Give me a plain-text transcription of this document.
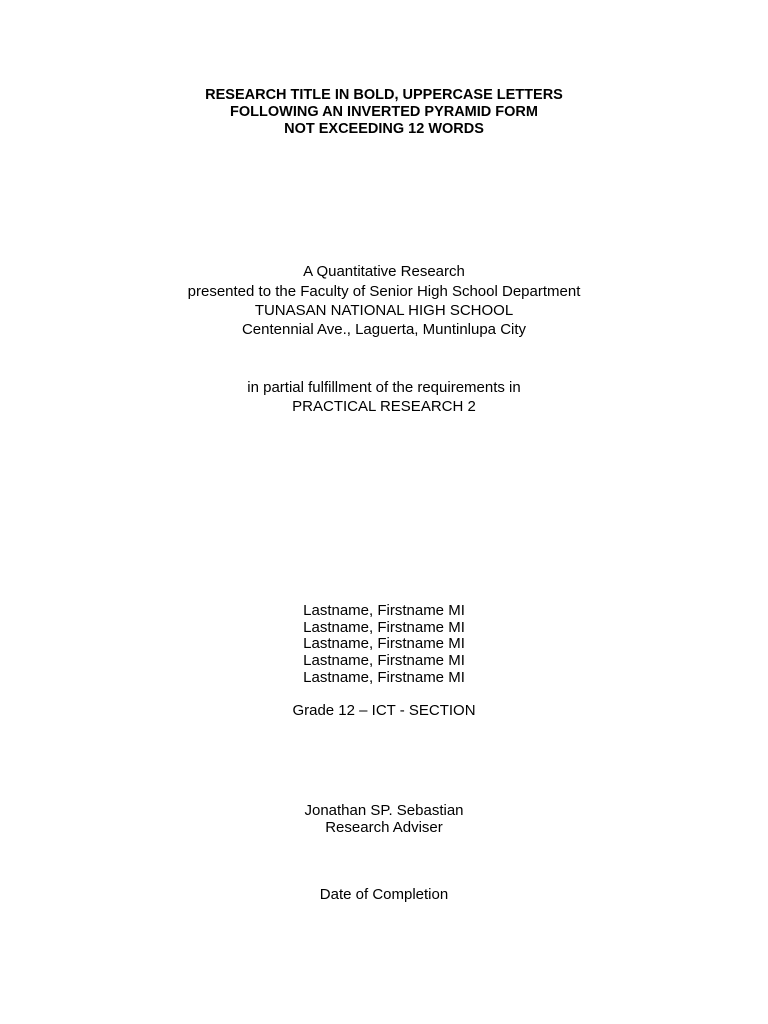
RESEARCH TITLE IN BOLD, UPPERCASE LETTERS
FOLLOWING AN INVERTED PYRAMID FORM
NOT EXCEEDING 12 WORDS
A Quantitative Research
presented to the Faculty of Senior High School Department
TUNASAN NATIONAL HIGH SCHOOL
Centennial Ave., Laguerta, Muntinlupa City
in partial fulfillment of the requirements in
PRACTICAL RESEARCH 2
Lastname, Firstname MI
Lastname, Firstname MI
Lastname, Firstname MI
Lastname, Firstname MI
Lastname, Firstname MI
Grade 12 – ICT - SECTION
Jonathan SP. Sebastian
Research Adviser
Date of Completion
